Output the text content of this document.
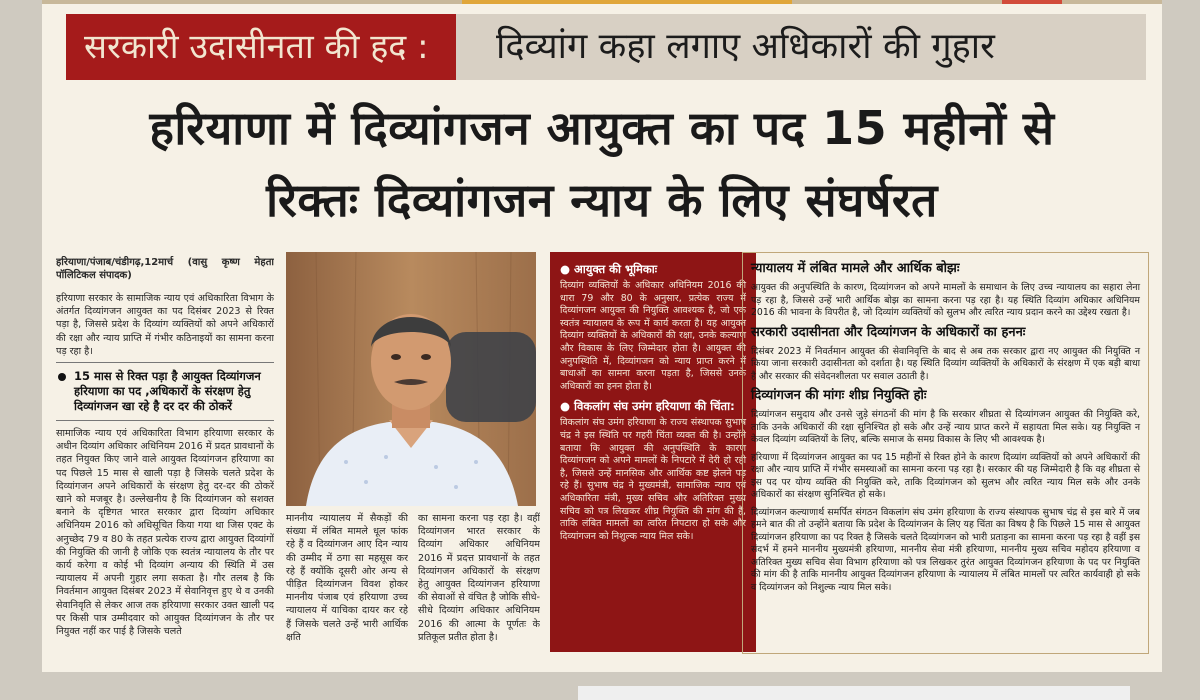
सरकारी उदासीनता की हद :	दिव्यांग कहा लगाए अधिकारों की गुहार
हरियाणा में दिव्यांगजन आयुक्त का पद 15 महीनों से
रिक्तः दिव्यांगजन न्याय के लिए संघर्षरत

हरियाणा/पंजाब/चंडीगढ़,12मार्च (वासु कृष्ण मेहता पॉलिटिकल संपादक)

हरियाणा सरकार के सामाजिक न्याय एवं अधिकारिता विभाग के अंतर्गत दिव्यांगजन आयुक्त का पद दिसंबर 2023 से रिक्त पड़ा है, जिससे प्रदेश के दिव्यांग व्यक्तियों को अपने अधिकारों की रक्षा और न्याय प्राप्ति में गंभीर कठिनाइयों का सामना करना पड़ रहा है।

15 मास से रिक्त पड़ा है आयुक्त दिव्यांगजन हरियाणा का पद ,अधिकारों के संरक्षण हेतु दिव्यांगजन खा रहे है दर दर की ठोकरें

सामाजिक न्याय एवं अधिकारिता विभाग हरियाणा सरकार के अधीन दिव्यांग अधिकार अधिनियम 2016 में प्रदत प्रावधानों के तहत नियुक्त किए जाने वाले आयुक्त दिव्यांगजन हरियाणा का पद पिछले 15 मास से खाली पड़ा है जिसके चलते प्रदेश के दिव्यांगजन अपने अधिकारों के संरक्षण हेतु दर-दर की ठोकरें खाने को मजबूर है। उल्लेखनीय है कि दिव्यांगजन को सशक्त बनाने के दृष्टिगत भारत सरकार द्वारा दिव्यांग अधिकार अधिनियम 2016 को अधिसूचित किया गया था जिस एक्ट के अनुच्छेद 79 व 80 के तहत प्रत्येक राज्य द्वारा आयुक्त दिव्यांगों की नियुक्ति की जानी है जोकि एक स्वतंत्र न्यायालय के तौर पर कार्य करेगा व कोई भी दिव्यांग अन्याय की स्थिति में उस न्यायालय में अपनी गुहार लगा सकता है। गौर तलब है कि निवर्तमान आयुक्त दिसंबर 2023 में सेवानिवृत्त हुए थे व उनकी सेवानिवृति से लेकर आज तक हरियाणा सरकार उक्त खाली पद पर किसी पात्र उम्मीदवार को आयुक्त दिव्यांगजन के तौर पर नियुक्त नहीं कर पाई है जिसके चलते

माननीय न्यायालय में सैकड़ों की संख्या में लंबित मामले धूल फांक रहे हैं व दिव्यांगजन आए दिन न्याय की उम्मीद में ठगा सा महसूस कर रहे हैं क्योंकि दूसरी ओर अन्य से पीड़ित दिव्यांगजन विवश होकर माननीय पंजाब एवं हरियाणा उच्च न्यायालय में याचिका दायर कर रहे हैं जिसके चलते उन्हें भारी आर्थिक क्षति

का सामना करना पड़ रहा है। वहीं दिव्यांगजन भारत सरकार के दिव्यांग अधिकार अधिनियम 2016 में प्रदत्त प्रावधानों के तहत दिव्यांगजन अधिकारों के संरक्षण हेतु आयुक्त दिव्यांगजन हरियाणा की सेवाओं से वंचित है जोकि सीधे-सीधे दिव्यांग अधिकार अधिनियम 2016 की आत्मा के पूर्णतः के प्रतिकूल प्रतीत होता है।

● आयुक्त की भूमिकाः

दिव्यांग व्यक्तियों के अधिकार अधिनियम 2016 की धारा 79 और 80 के अनुसार, प्रत्येक राज्य में दिव्यांगजन आयुक्त की नियुक्ति आवश्यक है, जो एक स्वतंत्र न्यायालय के रूप में कार्य करता है। यह आयुक्त दिव्यांग व्यक्तियों के अधिकारों की रक्षा, उनके कल्याण और विकास के लिए जिम्मेदार होता है। आयुक्त की अनुपस्थिति में, दिव्यांगजन को न्याय प्राप्त करने में बाधाओं का सामना करना पड़ता है, जिससे उनके अधिकारों का हनन होता है।

● विकलांग संघ उमंग हरियाणा की चिंता:

विकलांग संघ उमंग हरियाणा के राज्य संस्थापक सुभाष चंद्र ने इस स्थिति पर गहरी चिंता व्यक्त की है। उन्होंने बताया कि आयुक्त की अनुपस्थिति के कारण दिव्यांगजन को अपने मामलों के निपटारे में देरी हो रही है, जिससे उन्हें मानसिक और आर्थिक कष्ट झेलने पड़ रहे हैं। सुभाष चंद्र ने मुख्यमंत्री, सामाजिक न्याय एवं अधिकारिता मंत्री, मुख्य सचिव और अतिरिक्त मुख्य सचिव को पत्र लिखकर शीघ्र नियुक्ति की मांग की है, ताकि लंबित मामलों का त्वरित निपटारा हो सके और दिव्यांगजन को निशुल्क न्याय मिल सके।

न्यायालय में लंबित मामले और आर्थिक बोझः

आयुक्त की अनुपस्थिति के कारण, दिव्यांगजन को अपने मामलों के समाधान के लिए उच्च न्यायालय का सहारा लेना पड़ रहा है, जिससे उन्हें भारी आर्थिक बोझ का सामना करना पड़ रहा है। यह स्थिति दिव्यांग अधिकार अधिनियम 2016 की भावना के विपरीत है, जो दिव्यांग व्यक्तियों को सुलभ और त्वरित न्याय प्रदान करने का उद्देश्य रखता है।

सरकारी उदासीनता और दिव्यांगजन के अधिकारों का हननः

दिसंबर 2023 में निवर्तमान आयुक्त की सेवानिवृत्ति के बाद से अब तक सरकार द्वारा नए आयुक्त की नियुक्ति न किया जाना सरकारी उदासीनता को दर्शाता है। यह स्थिति दिव्यांग व्यक्तियों के अधिकारों के संरक्षण में एक बड़ी बाधा है और सरकार की संवेदनशीलता पर सवाल उठाती है।

दिव्यांगजन की मांगः शीघ्र नियुक्ति होः

दिव्यांगजन समुदाय और उनसे जुड़े संगठनों की मांग है कि सरकार शीघ्रता से दिव्यांगजन आयुक्त की नियुक्ति करे, ताकि उनके अधिकारों की रक्षा सुनिश्चित हो सके और उन्हें न्याय प्राप्त करने में सहायता मिल सके। यह नियुक्ति न केवल दिव्यांग व्यक्तियों के लिए, बल्कि समाज के समग्र विकास के लिए भी आवश्यक है।

हरियाणा में दिव्यांगजन आयुक्त का पद 15 महीनों से रिक्त होने के कारण दिव्यांग व्यक्तियों को अपने अधिकारों की रक्षा और न्याय प्राप्ति में गंभीर समस्याओं का सामना करना पड़ रहा है। सरकार की यह जिम्मेदारी है कि वह शीघ्रता से इस पद पर योग्य व्यक्ति की नियुक्ति करे, ताकि दिव्यांगजन को सुलभ और त्वरित न्याय मिल सके और उनके अधिकारों का संरक्षण सुनिश्चित हो सके।

दिव्यांगजन कल्याणार्थ समर्पित संगठन विकलांग संघ उमंग हरियाणा के राज्य संस्थापक सुभाष चंद्र से इस बारे में जब हमने बात की तो उन्होंने बताया कि प्रदेश के दिव्यांगजन के लिए यह चिंता का विषय है कि पिछले 15 मास से आयुक्त दिव्यांगजन हरियाणा का पद रिक्त है जिसके चलते दिव्यांगजन को भारी प्रताड़ना का सामना करना पड़ रहा है वहीं इस संदर्भ में हमने माननीय मुख्यमंत्री हरियाणा, माननीय सेवा मंत्री हरियाणा, माननीय मुख्य सचिव महोदय हरियाणा व अतिरिक्त मुख्य सचिव सेवा विभाग हरियाणा को पत्र लिखकर तुरंत आयुक्त दिव्यांगजन हरियाणा के पद पर नियुक्ति की मांग की है ताकि माननीय आयुक्त दिव्यांगजन हरियाणा के न्यायालय में लंबित मामलों पर त्वरित कार्यवाही हो सके व दिव्यांगजन को निशुल्क न्याय मिल सके।
